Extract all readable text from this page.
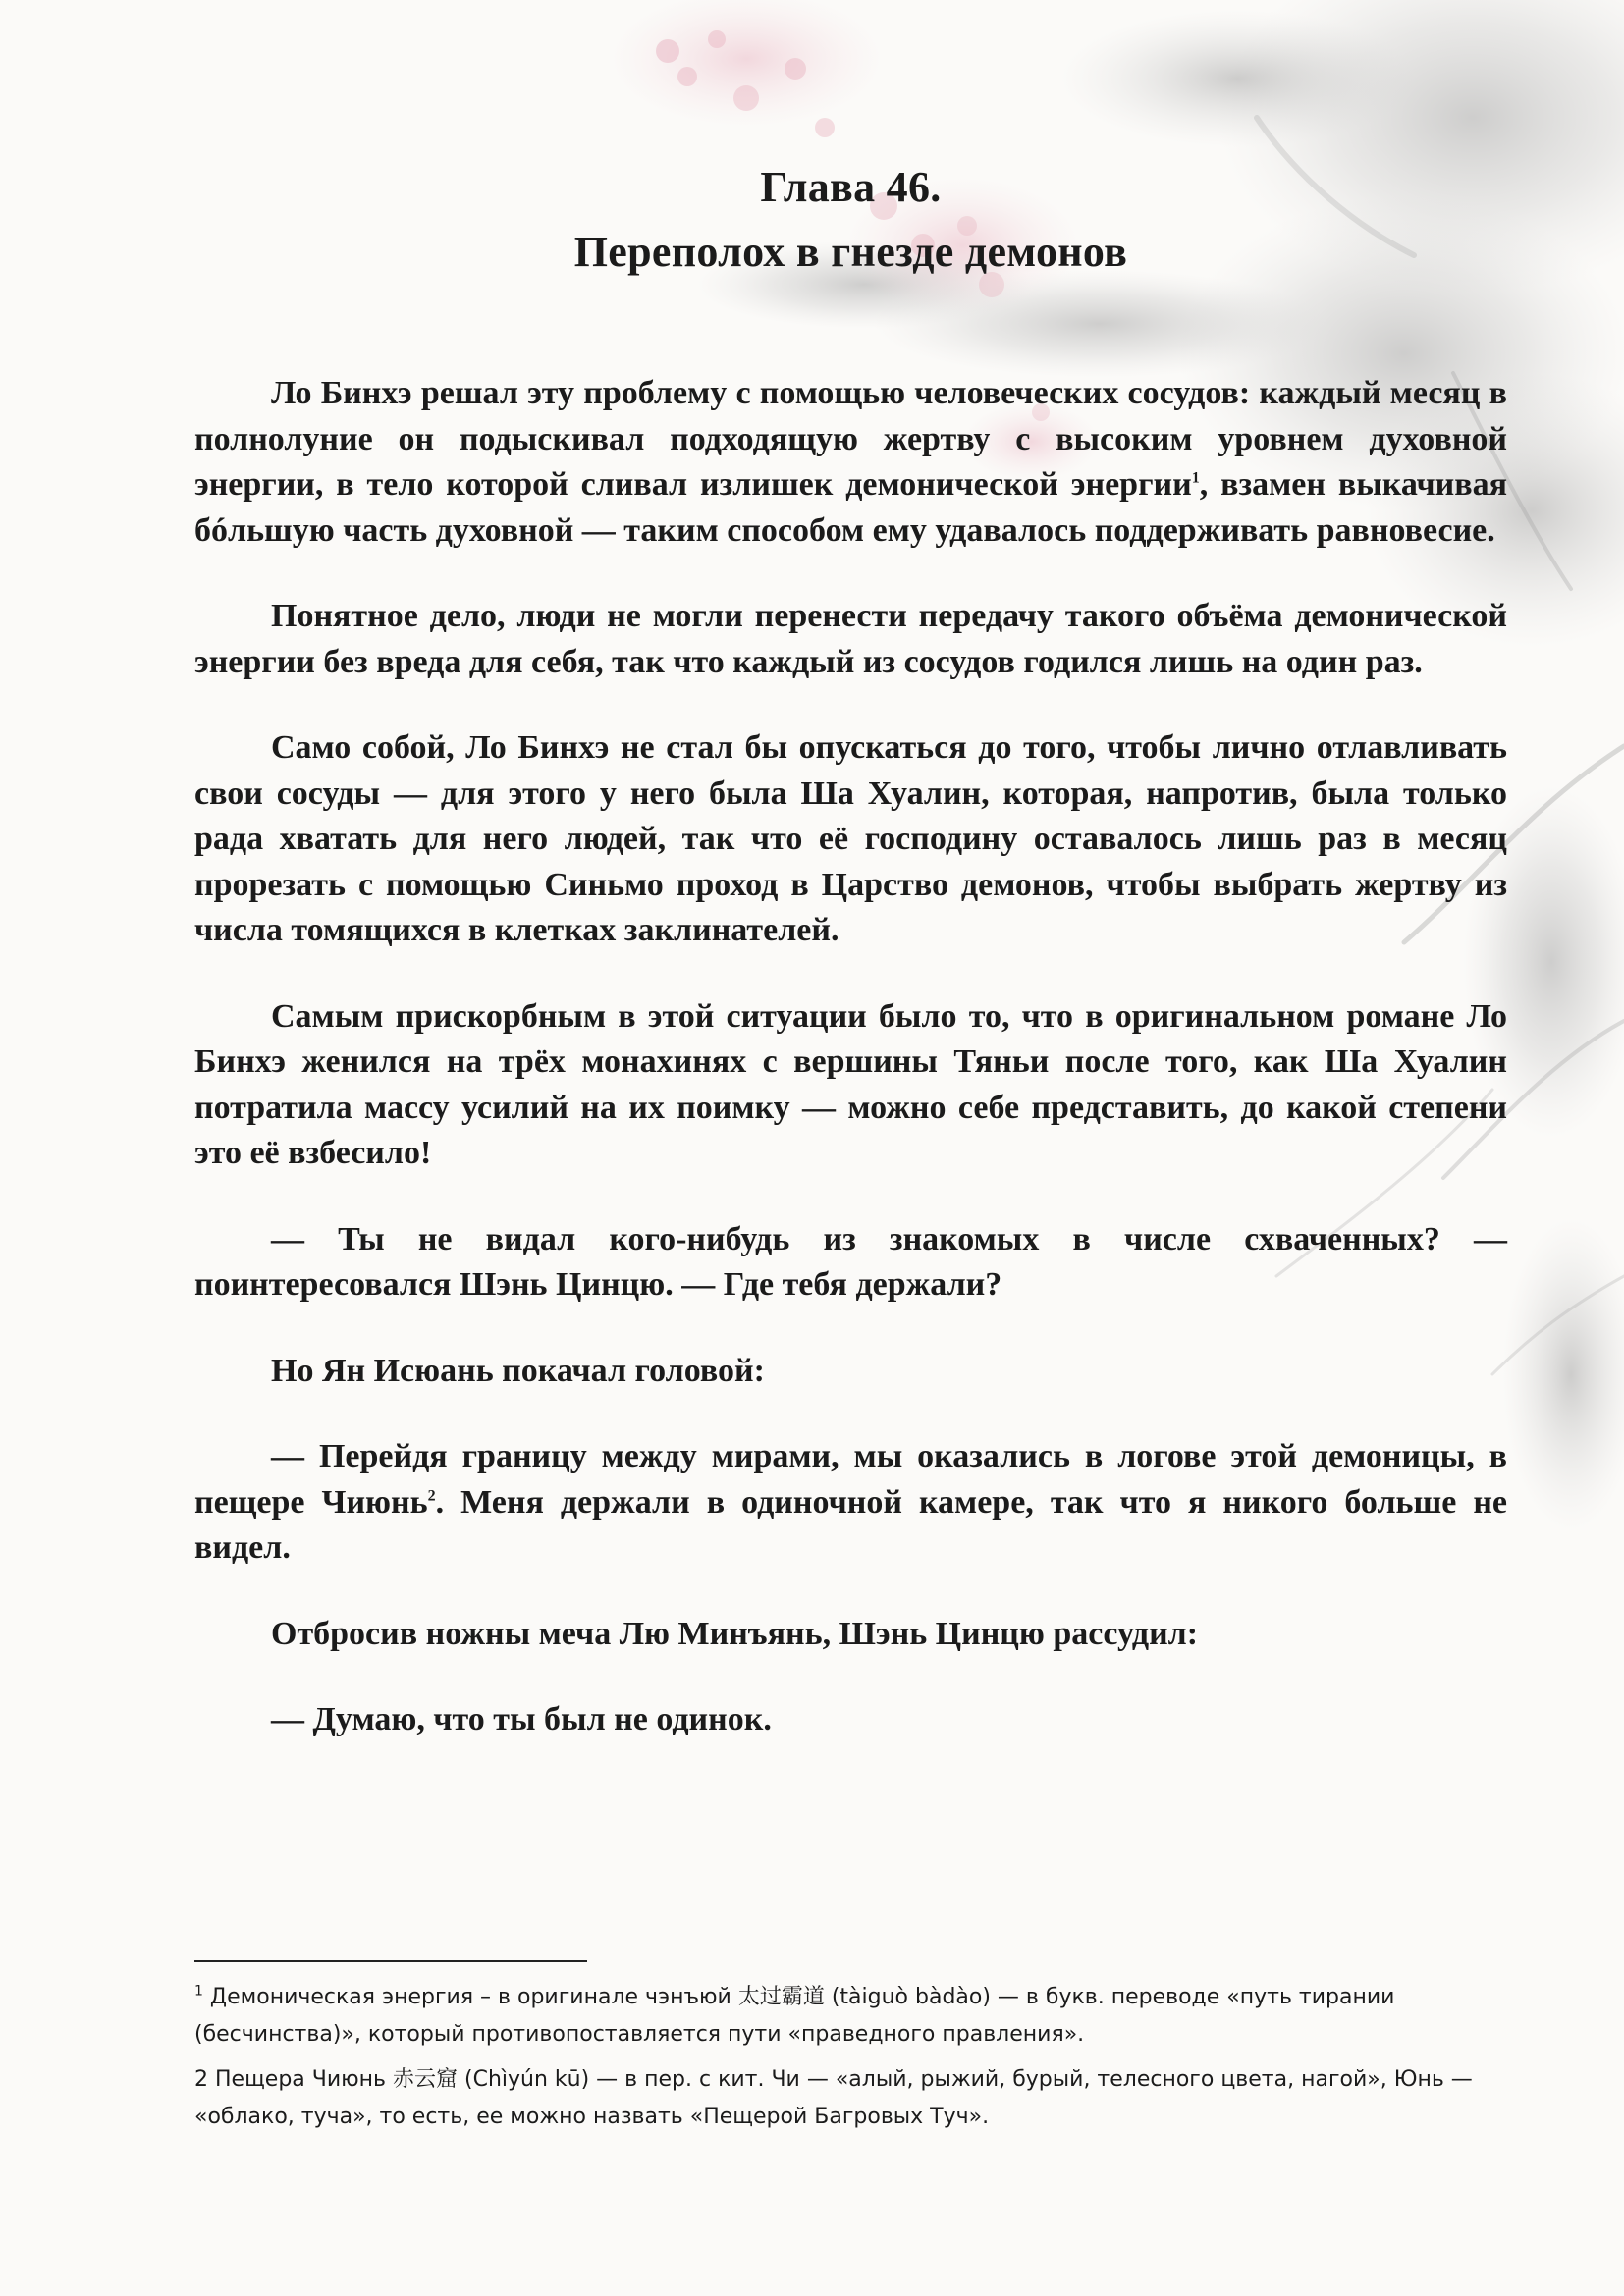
Глава 46.
Переполох в гнезде демонов

Ло Бинхэ решал эту проблему с помощью человеческих сосудов: каждый месяц в полнолуние он подыскивал подходящую жертву с высоким уровнем духовной энергии, в тело которой сливал излишек демонической энергии$^1$, взамен выкачивая бóльшую часть духовной — таким способом ему удавалось поддерживать равновесие.

Понятное дело, люди не могли перенести передачу такого объёма демонической энергии без вреда для себя, так что каждый из сосудов годился лишь на один раз.

Само собой, Ло Бинхэ не стал бы опускаться до того, чтобы лично отлавливать свои сосуды — для этого у него была Ша Хуалин, которая, напротив, была только рада хватать для него людей, так что её господину оставалось лишь раз в месяц прорезать с помощью Синьмо проход в Царство демонов, чтобы выбрать жертву из числа томящихся в клетках заклинателей.

Самым прискорбным в этой ситуации было то, что в оригинальном романе Ло Бинхэ женился на трёх монахинях с вершины Тяньи после того, как Ша Хуалин потратила массу усилий на их поимку — можно себе представить, до какой степени это её взбесило!

— Ты не видал кого-нибудь из знакомых в числе схваченных? — поинтересовался Шэнь Цинцю. — Где тебя держали?

Но Ян Исюань покачал головой:

— Перейдя границу между мирами, мы оказались в логове этой демоницы, в пещере Чиюнь$^2$. Меня держали в одиночной камере, так что я никого больше не видел.

Отбросив ножны меча Лю Минъянь, Шэнь Цинцю рассудил:

— Думаю, что ты был не одинок.

$^1$ Демоническая энергия – в оригинале чэнъюй 太过霸道 (tàiguò bàdào) — в букв. переводе «путь тирании (бесчинства)», который противопоставляется пути «праведного правления».

2 Пещера Чиюнь 赤云窟 (Chìyún kū) — в пер. с кит. Чи — «алый, рыжий, бурый, телесного цвета, нагой», Юнь — «облако, туча», то есть, ее можно назвать «Пещерой Багровых Туч».
